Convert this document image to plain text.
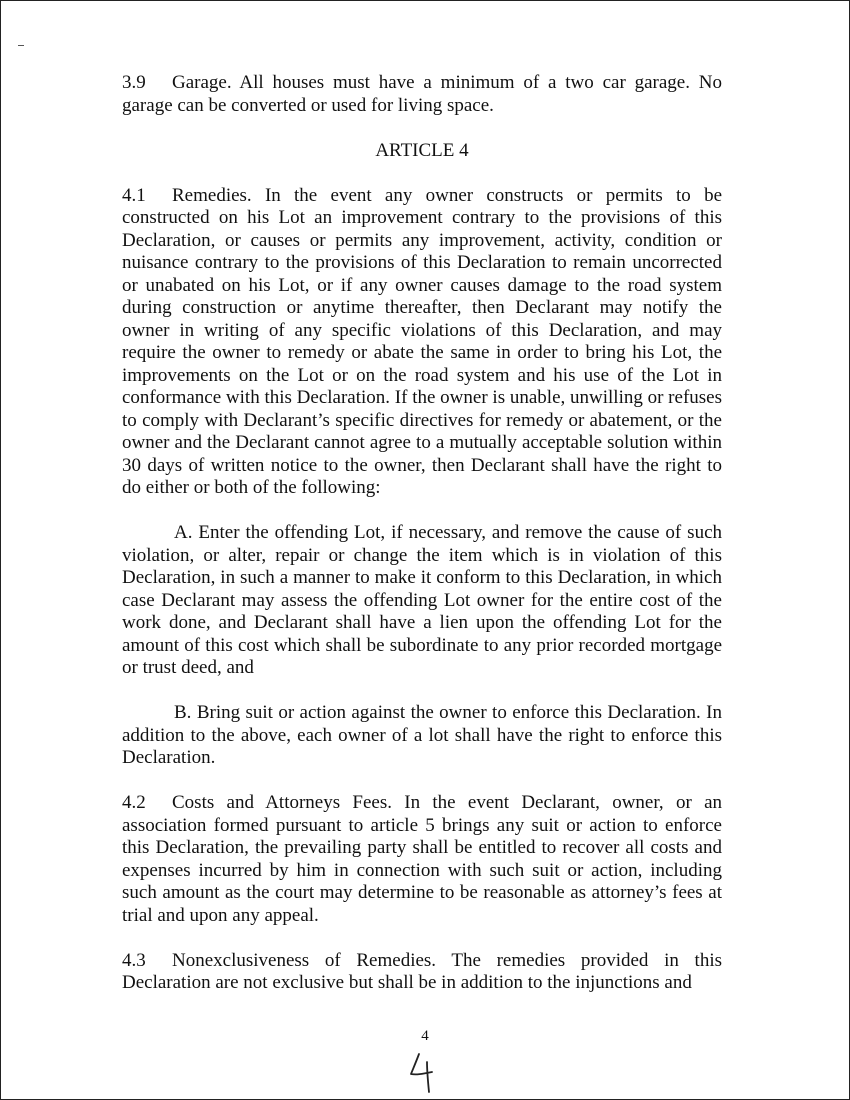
3.9 Garage. All houses must have a minimum of a two car garage. No garage can be converted or used for living space.

ARTICLE 4

4.1 Remedies. In the event any owner constructs or permits to be constructed on his Lot an improvement contrary to the provisions of this Declaration, or causes or permits any improvement, activity, condition or nuisance contrary to the provisions of this Declaration to remain uncorrected or unabated on his Lot, or if any owner causes damage to the road system during construction or anytime thereafter, then Declarant may notify the owner in writing of any specific violations of this Declaration, and may require the owner to remedy or abate the same in order to bring his Lot, the improvements on the Lot or on the road system and his use of the Lot in conformance with this Declaration. If the owner is unable, unwilling or refuses to comply with Declarant’s specific directives for remedy or abatement, or the owner and the Declarant cannot agree to a mutually acceptable solution within 30 days of written notice to the owner, then Declarant shall have the right to do either or both of the following:

A. Enter the offending Lot, if necessary, and remove the cause of such violation, or alter, repair or change the item which is in violation of this Declaration, in such a manner to make it conform to this Declaration, in which case Declarant may assess the offending Lot owner for the entire cost of the work done, and Declarant shall have a lien upon the offending Lot for the amount of this cost which shall be subordinate to any prior recorded mortgage or trust deed, and

B. Bring suit or action against the owner to enforce this Declaration. In addition to the above, each owner of a lot shall have the right to enforce this Declaration.

4.2 Costs and Attorneys Fees. In the event Declarant, owner, or an association formed pursuant to article 5 brings any suit or action to enforce this Declaration, the prevailing party shall be entitled to recover all costs and expenses incurred by him in connection with such suit or action, including such amount as the court may determine to be reasonable as attorney’s fees at trial and upon any appeal.

4.3 Nonexclusiveness of Remedies. The remedies provided in this Declaration are not exclusive but shall be in addition to the injunctions and

4
